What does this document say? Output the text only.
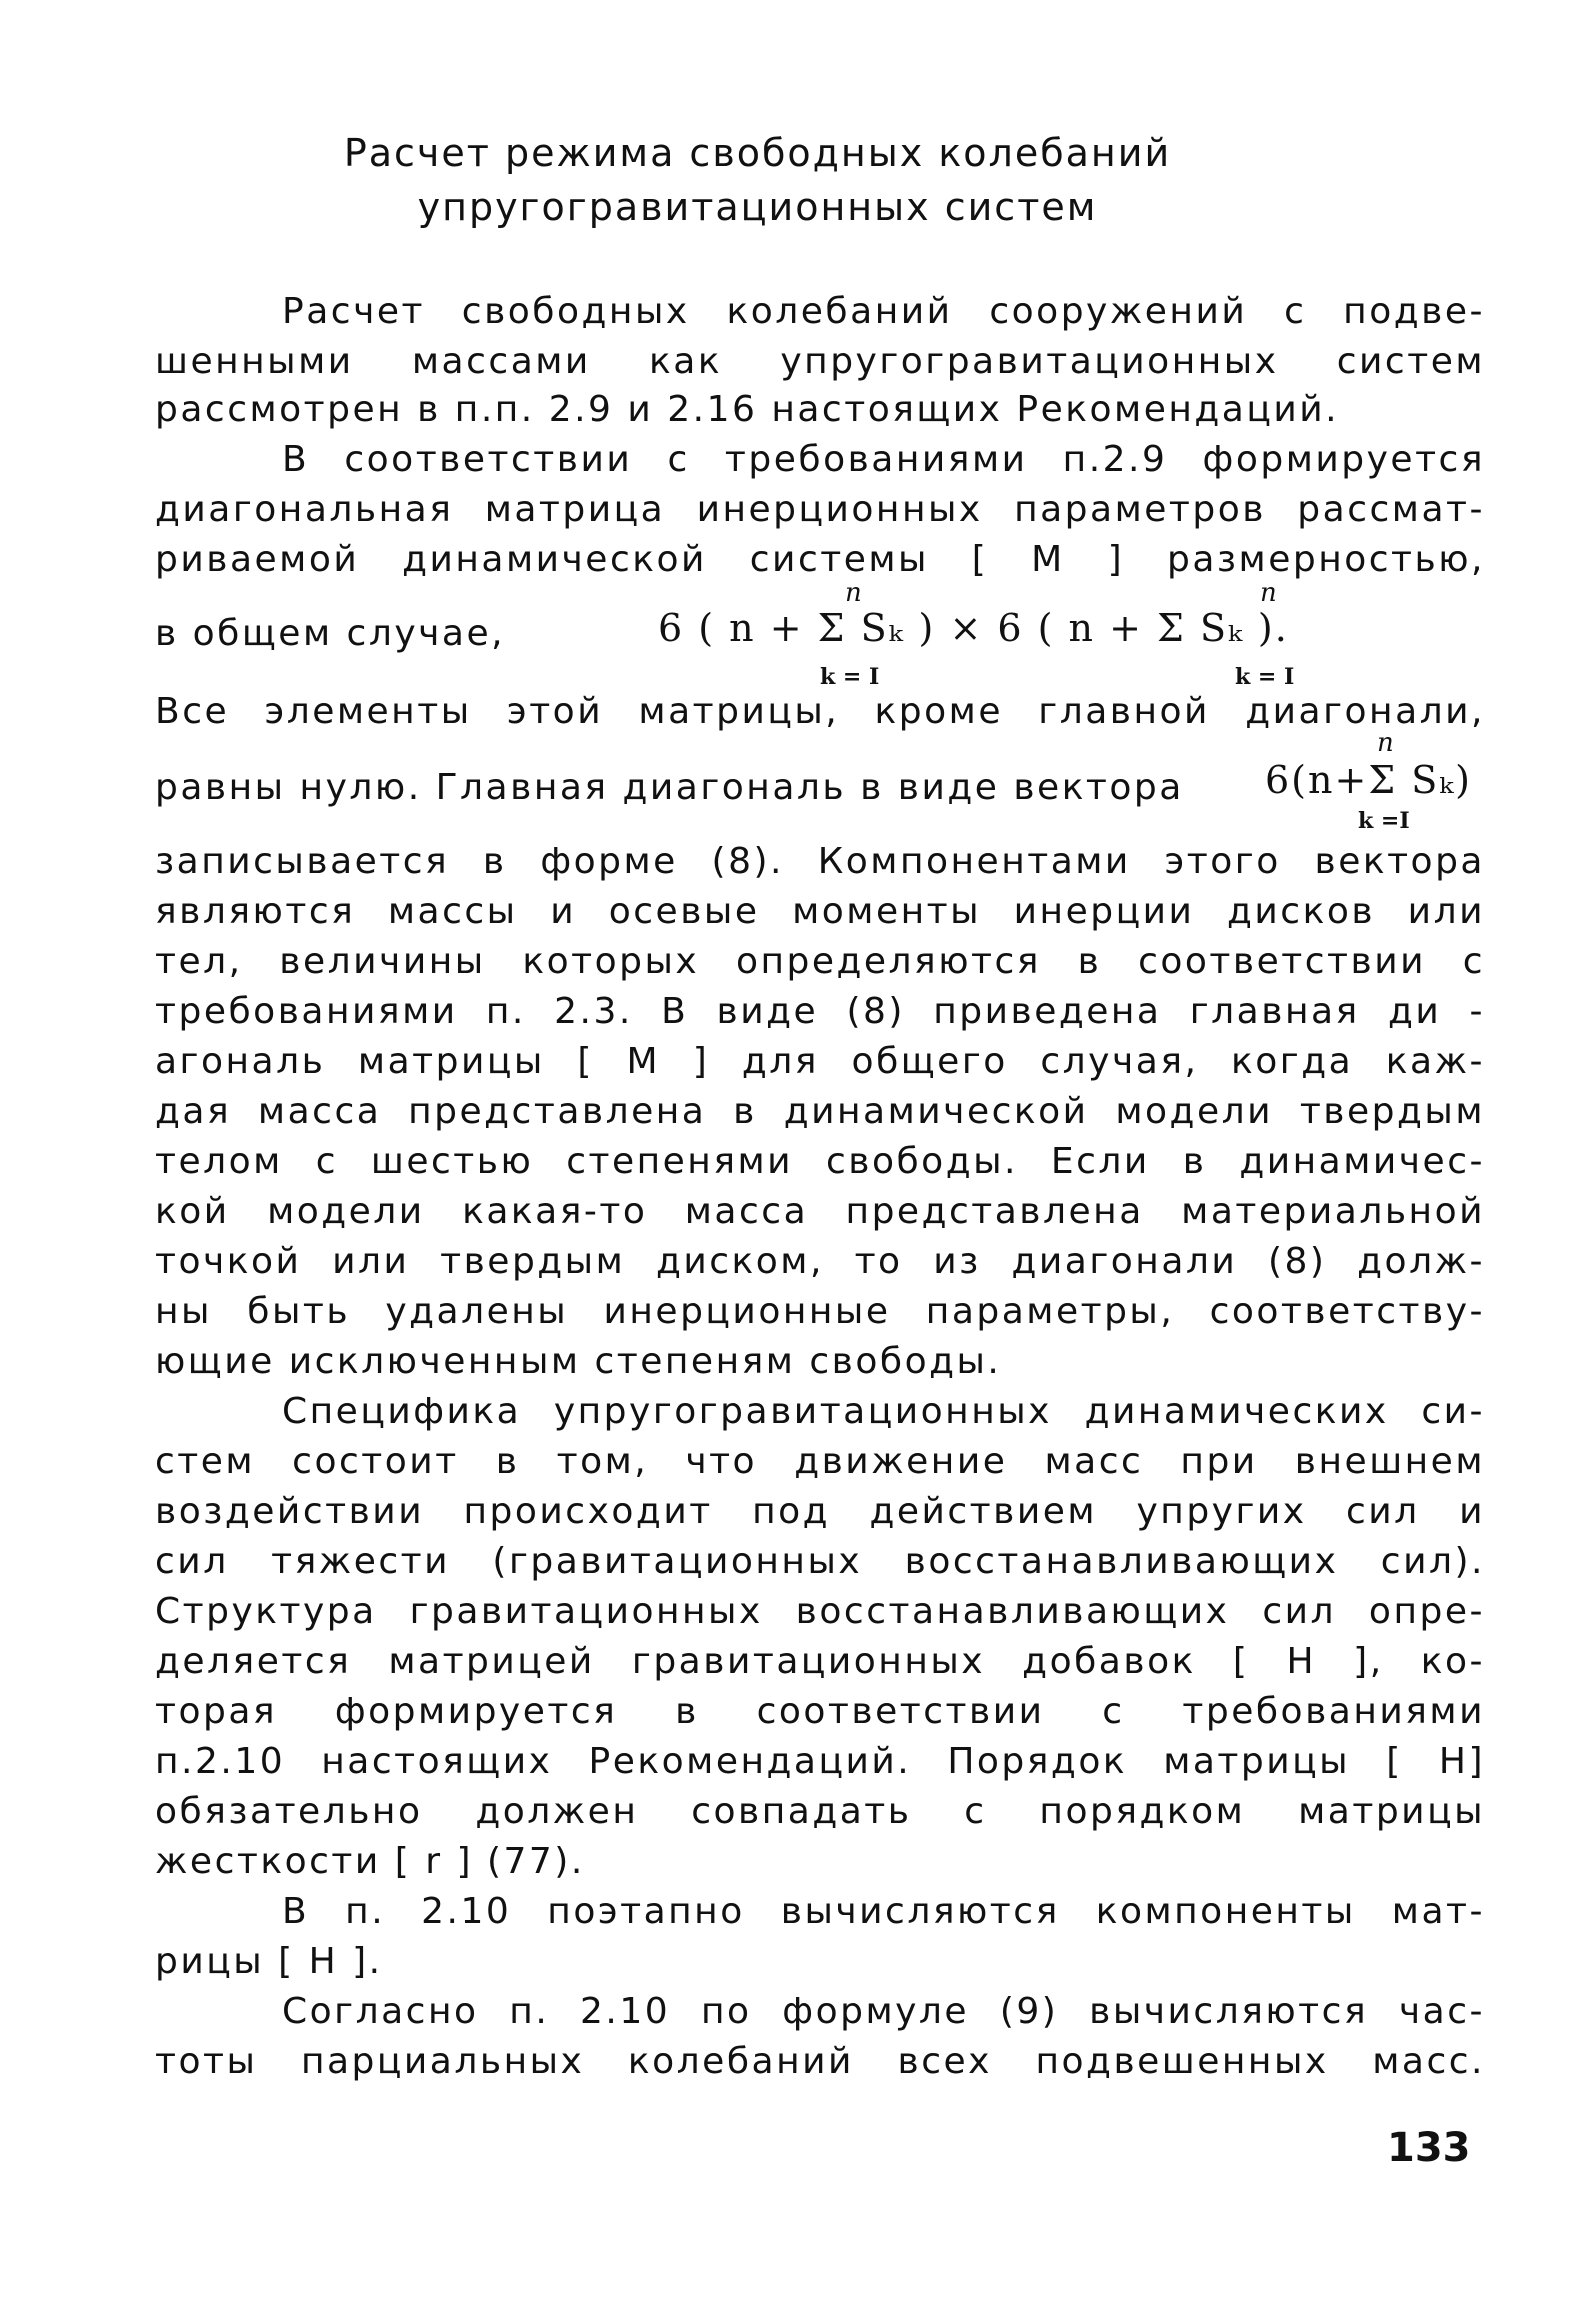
Расчет режима свободных колебаний
упругогравитационных систем
Расчет свободных колебаний сооружений с подве-
шенными массами как упругогравитационных систем
рассмотрен в п.п. 2.9 и 2.16 настоящих Рекомендаций.
В соответствии с требованиями п.2.9 формируется
диагональная матрица инерционных параметров рассмат-
риваемой динамической системы [ M ] размерностью,
в общем случае,
n	n
6 ( n + Σ Sₖ ) × 6 ( n + Σ Sₖ ).
k = I	k = I
Все элементы этой матрицы, кроме главной диагонали,
n
равны нулю. Главная диагональ в виде вектора 6(n+Σ Sₖ)
k =I
записывается в форме (8). Компонентами этого вектора
являются массы и осевые моменты инерции дисков или
тел, величины которых определяются в соответствии с
требованиями п. 2.3. В виде (8) приведена главная ди -
агональ матрицы [ M ] для общего случая, когда каж-
дая масса представлена в динамической модели твердым
телом с шестью степенями свободы. Если в динамичес-
кой модели какая-то масса представлена материальной
точкой или твердым диском, то из диагонали (8) долж-
ны быть удалены инерционные параметры, соответству-
ющие исключенным степеням свободы.
Специфика упругогравитационных динамических си-
стем состоит в том, что движение масс при внешнем
воздействии происходит под действием упругих сил и
сил тяжести (гравитационных восстанавливающих сил).
Структура гравитационных восстанавливающих сил опре-
деляется матрицей гравитационных добавок [ H ], ко-
торая формируется в соответствии с требованиями
п.2.10 настоящих Рекомендаций. Порядок матрицы [ H]
обязательно должен совпадать с порядком матрицы
жесткости [ r ] (77).
В п. 2.10 поэтапно вычисляются компоненты мат-
рицы [ H ].
Согласно п. 2.10 по формуле (9) вычисляются час-
тоты парциальных колебаний всех подвешенных масс.
133
